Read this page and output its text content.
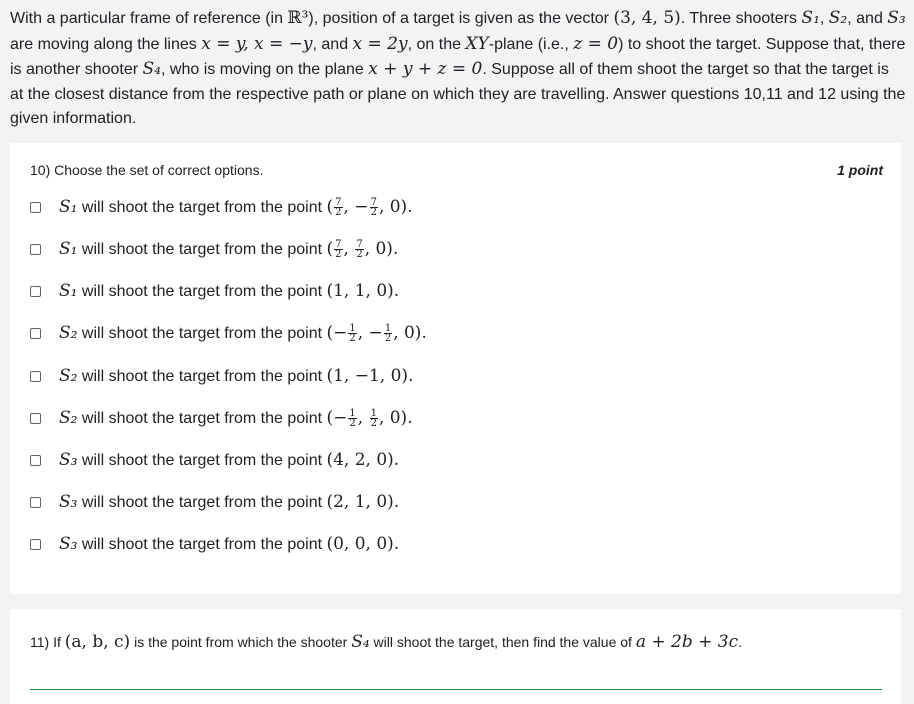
With a particular frame of reference (in ℝ³), position of a target is given as the vector (3, 4, 5). Three shooters S₁, S₂, and S₃ are moving along the lines x = y, x = −y, and x = 2y, on the XY-plane (i.e., z = 0) to shoot the target. Suppose that, there is another shooter S₄, who is moving on the plane x + y + z = 0. Suppose all of them shoot the target so that the target is at the closest distance from the respective path or plane on which they are travelling. Answer questions 10,11 and 12 using the given information.
10) Choose the set of correct options.	1 point
S₁ will shoot the target from the point ( $\frac{7}{2}$ , − $\frac{7}{2}$ , 0).
S₁ will shoot the target from the point ( $\frac{7}{2}$ , $\frac{7}{2}$ , 0).
S₁ will shoot the target from the point (1, 1, 0).
S₂ will shoot the target from the point (− $\frac{1}{2}$ , − $\frac{1}{2}$ , 0).
S₂ will shoot the target from the point (1, −1, 0).
S₂ will shoot the target from the point (− $\frac{1}{2}$ , $\frac{1}{2}$ , 0).
S₃ will shoot the target from the point (4, 2, 0).
S₃ will shoot the target from the point (2, 1, 0).
S₃ will shoot the target from the point (0, 0, 0).
11) If (a, b, c) is the point from which the shooter S₄ will shoot the target, then find the value of a + 2b + 3c.
